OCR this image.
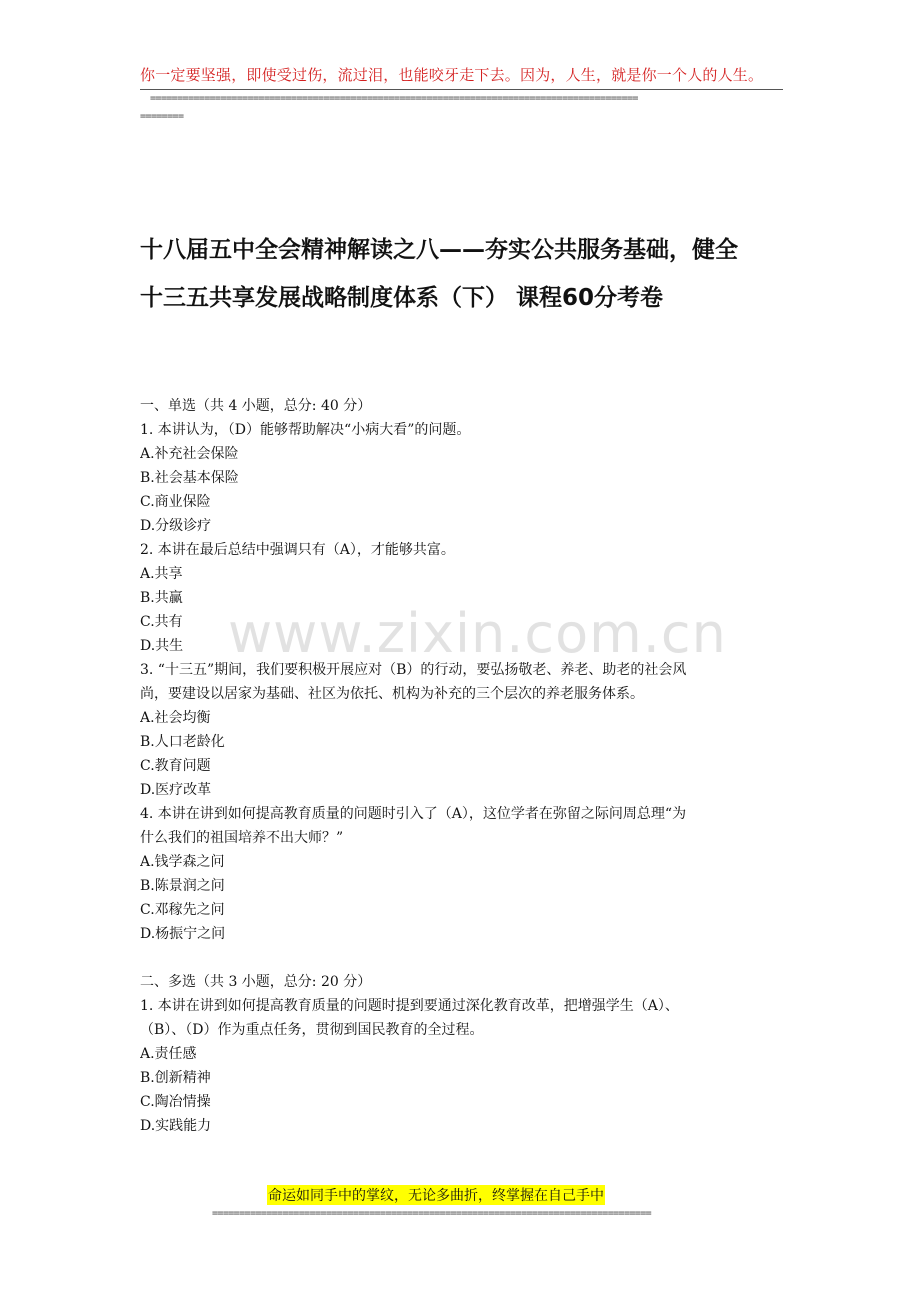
你一定要坚强，即使受过伤，流过泪，也能咬牙走下去。因为，人生，就是你一个人的人生。
==========================================================================================
========
十八届五中全会精神解读之八——夯实公共服务基础，健全
十三五共享发展战略制度体系（下） 课程60分考卷
www.zixin.com.cn
一、单选（共 4 小题，总分: 40 分）
1. 本讲认为，（D）能够帮助解决“小病大看”的问题。
A.补充社会保险
B.社会基本保险
C.商业保险
D.分级诊疗
2. 本讲在最后总结中强调只有（A），才能够共富。
A.共享
B.共赢
C.共有
D.共生
3. “十三五”期间，我们要积极开展应对（B）的行动，要弘扬敬老、养老、助老的社会风
尚，要建设以居家为基础、社区为依托、机构为补充的三个层次的养老服务体系。
A.社会均衡
B.人口老龄化
C.教育问题
D.医疗改革
4. 本讲在讲到如何提高教育质量的问题时引入了（A），这位学者在弥留之际问周总理“为
什么我们的祖国培养不出大师？”
A.钱学森之问
B.陈景润之问
C.邓稼先之问
D.杨振宁之问
二、多选（共 3 小题，总分: 20 分）
1. 本讲在讲到如何提高教育质量的问题时提到要通过深化教育改革，把增强学生（A）、
（B）、（D）作为重点任务，贯彻到国民教育的全过程。
A.责任感
B.创新精神
C.陶冶情操
D.实践能力
命运如同手中的掌纹，无论多曲折，终掌握在自己手中
=================================================================================
